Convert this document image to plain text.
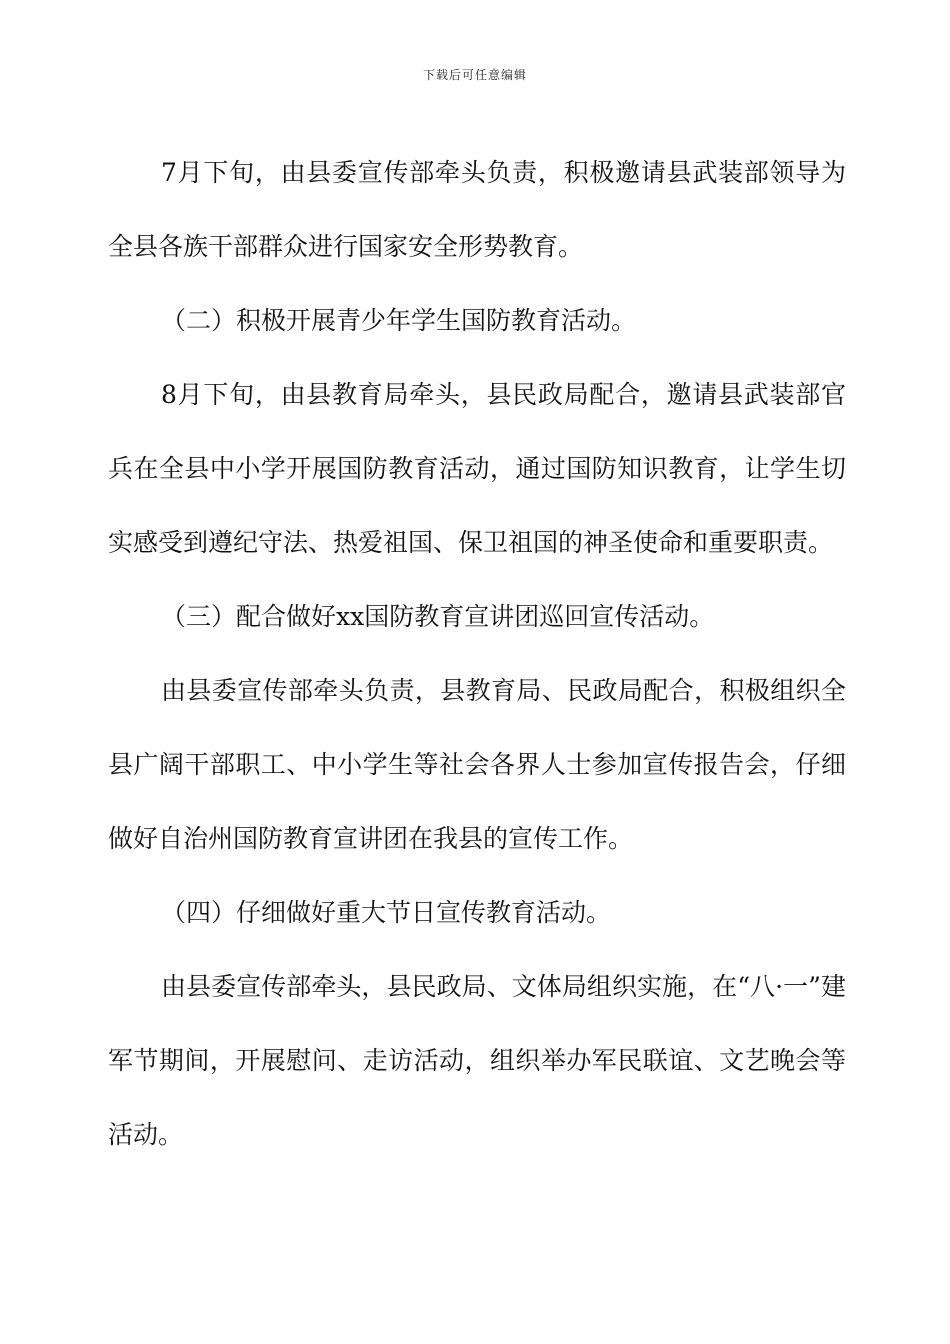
下载后可任意编辑

7月下旬，由县委宣传部牵头负责，积极邀请县武装部领导为全县各族干部群众进行国家安全形势教育。

（二）积极开展青少年学生国防教育活动。

8月下旬，由县教育局牵头，县民政局配合，邀请县武装部官兵在全县中小学开展国防教育活动，通过国防知识教育，让学生切实感受到遵纪守法、热爱祖国、保卫祖国的神圣使命和重要职责。

（三）配合做好xx国防教育宣讲团巡回宣传活动。

由县委宣传部牵头负责，县教育局、民政局配合，积极组织全县广阔干部职工、中小学生等社会各界人士参加宣传报告会，仔细做好自治州国防教育宣讲团在我县的宣传工作。

（四）仔细做好重大节日宣传教育活动。

由县委宣传部牵头，县民政局、文体局组织实施，在“八·一”建军节期间，开展慰问、走访活动，组织举办军民联谊、文艺晚会等活动。
